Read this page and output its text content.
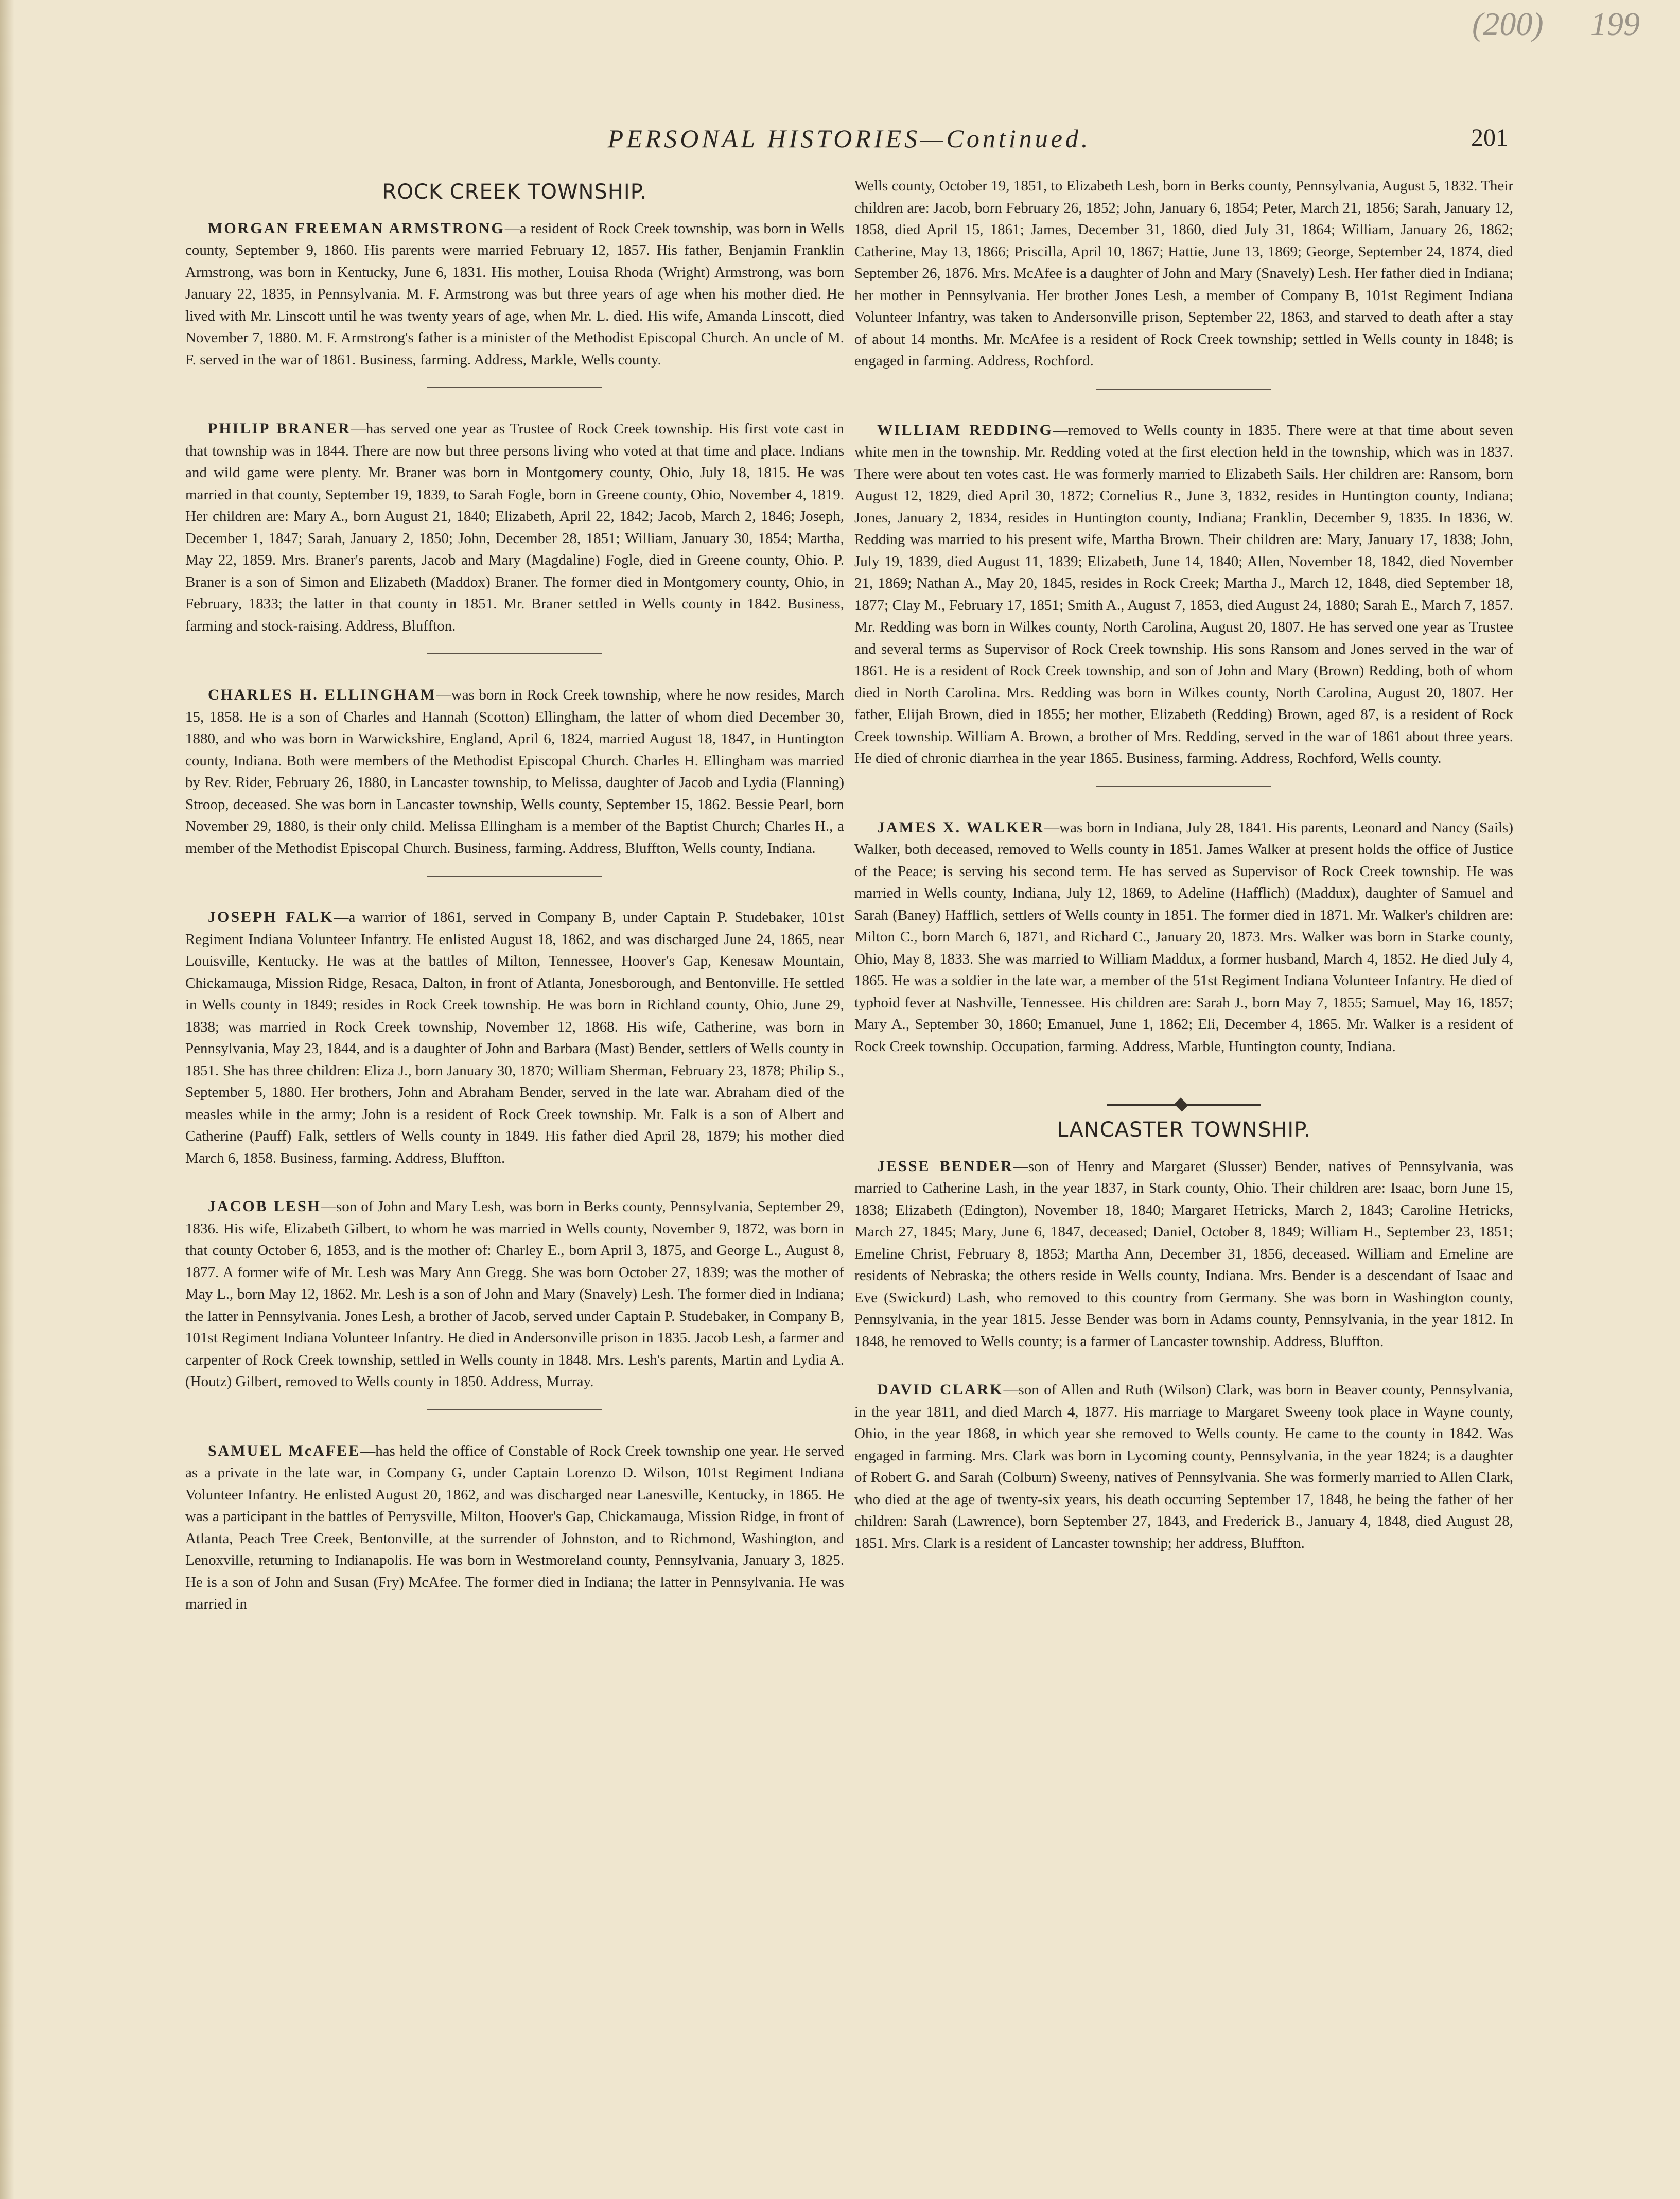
(200) 199
PERSONAL HISTORIES—Continued.	201
ROCK CREEK TOWNSHIP.

MORGAN FREEMAN ARMSTRONG—a resident of Rock Creek township, was born in Wells county, September 9, 1860. His parents were married February 12, 1857. His father, Benjamin Franklin Armstrong, was born in Kentucky, June 6, 1831. His mother, Louisa Rhoda (Wright) Armstrong, was born January 22, 1835, in Pennsylvania. M. F. Armstrong was but three years of age when his mother died. He lived with Mr. Linscott until he was twenty years of age, when Mr. L. died. His wife, Amanda Linscott, died November 7, 1880. M. F. Armstrong's father is a minister of the Methodist Episcopal Church. An uncle of M. F. served in the war of 1861. Business, farming. Address, Markle, Wells county.

PHILIP BRANER—has served one year as Trustee of Rock Creek township. His first vote cast in that township was in 1844. There are now but three persons living who voted at that time and place. Indians and wild game were plenty. Mr. Braner was born in Montgomery county, Ohio, July 18, 1815. He was married in that county, September 19, 1839, to Sarah Fogle, born in Greene county, Ohio, November 4, 1819. Her children are: Mary A., born August 21, 1840; Elizabeth, April 22, 1842; Jacob, March 2, 1846; Joseph, December 1, 1847; Sarah, January 2, 1850; John, December 28, 1851; William, January 30, 1854; Martha, May 22, 1859. Mrs. Braner's parents, Jacob and Mary (Magdaline) Fogle, died in Greene county, Ohio. P. Braner is a son of Simon and Elizabeth (Maddox) Braner. The former died in Montgomery county, Ohio, in February, 1833; the latter in that county in 1851. Mr. Braner settled in Wells county in 1842. Business, farming and stock-raising. Address, Bluffton.

CHARLES H. ELLINGHAM—was born in Rock Creek township, where he now resides, March 15, 1858. He is a son of Charles and Hannah (Scotton) Ellingham, the latter of whom died December 30, 1880, and who was born in Warwickshire, England, April 6, 1824, married August 18, 1847, in Huntington county, Indiana. Both were members of the Methodist Episcopal Church. Charles H. Ellingham was married by Rev. Rider, February 26, 1880, in Lancaster township, to Melissa, daughter of Jacob and Lydia (Flanning) Stroop, deceased. She was born in Lancaster township, Wells county, September 15, 1862. Bessie Pearl, born November 29, 1880, is their only child. Melissa Ellingham is a member of the Baptist Church; Charles H., a member of the Methodist Episcopal Church. Business, farming. Address, Bluffton, Wells county, Indiana.

JOSEPH FALK—a warrior of 1861, served in Company B, under Captain P. Studebaker, 101st Regiment Indiana Volunteer Infantry. He enlisted August 18, 1862, and was discharged June 24, 1865, near Louisville, Kentucky. He was at the battles of Milton, Tennessee, Hoover's Gap, Kenesaw Mountain, Chickamauga, Mission Ridge, Resaca, Dalton, in front of Atlanta, Jonesborough, and Bentonville. He settled in Wells county in 1849; resides in Rock Creek township. He was born in Richland county, Ohio, June 29, 1838; was married in Rock Creek township, November 12, 1868. His wife, Catherine, was born in Pennsylvania, May 23, 1844, and is a daughter of John and Barbara (Mast) Bender, settlers of Wells county in 1851. She has three children: Eliza J., born January 30, 1870; William Sherman, February 23, 1878; Philip S., September 5, 1880. Her brothers, John and Abraham Bender, served in the late war. Abraham died of the measles while in the army; John is a resident of Rock Creek township. Mr. Falk is a son of Albert and Catherine (Pauff) Falk, settlers of Wells county in 1849. His father died April 28, 1879; his mother died March 6, 1858. Business, farming. Address, Bluffton.

JACOB LESH—son of John and Mary Lesh, was born in Berks county, Pennsylvania, September 29, 1836. His wife, Elizabeth Gilbert, to whom he was married in Wells county, November 9, 1872, was born in that county October 6, 1853, and is the mother of: Charley E., born April 3, 1875, and George L., August 8, 1877. A former wife of Mr. Lesh was Mary Ann Gregg. She was born October 27, 1839; was the mother of May L., born May 12, 1862. Mr. Lesh is a son of John and Mary (Snavely) Lesh. The former died in Indiana; the latter in Pennsylvania. Jones Lesh, a brother of Jacob, served under Captain P. Studebaker, in Company B, 101st Regiment Indiana Volunteer Infantry. He died in Andersonville prison in 1835. Jacob Lesh, a farmer and carpenter of Rock Creek township, settled in Wells county in 1848. Mrs. Lesh's parents, Martin and Lydia A. (Houtz) Gilbert, removed to Wells county in 1850. Address, Murray.

SAMUEL McAFEE—has held the office of Constable of Rock Creek township one year. He served as a private in the late war, in Company G, under Captain Lorenzo D. Wilson, 101st Regiment Indiana Volunteer Infantry. He enlisted August 20, 1862, and was discharged near Lanesville, Kentucky, in 1865. He was a participant in the battles of Perrysville, Milton, Hoover's Gap, Chickamauga, Mission Ridge, in front of Atlanta, Peach Tree Creek, Bentonville, at the surrender of Johnston, and to Richmond, Washington, and Lenoxville, returning to Indianapolis. He was born in Westmoreland county, Pennsylvania, January 3, 1825. He is a son of John and Susan (Fry) McAfee. The former died in Indiana; the latter in Pennsylvania. He was married in

Wells county, October 19, 1851, to Elizabeth Lesh, born in Berks county, Pennsylvania, August 5, 1832. Their children are: Jacob, born February 26, 1852; John, January 6, 1854; Peter, March 21, 1856; Sarah, January 12, 1858, died April 15, 1861; James, December 31, 1860, died July 31, 1864; William, January 26, 1862; Catherine, May 13, 1866; Priscilla, April 10, 1867; Hattie, June 13, 1869; George, September 24, 1874, died September 26, 1876. Mrs. McAfee is a daughter of John and Mary (Snavely) Lesh. Her father died in Indiana; her mother in Pennsylvania. Her brother Jones Lesh, a member of Company B, 101st Regiment Indiana Volunteer Infantry, was taken to Andersonville prison, September 22, 1863, and starved to death after a stay of about 14 months. Mr. McAfee is a resident of Rock Creek township; settled in Wells county in 1848; is engaged in farming. Address, Rochford.

WILLIAM REDDING—removed to Wells county in 1835. There were at that time about seven white men in the township. Mr. Redding voted at the first election held in the township, which was in 1837. There were about ten votes cast. He was formerly married to Elizabeth Sails. Her children are: Ransom, born August 12, 1829, died April 30, 1872; Cornelius R., June 3, 1832, resides in Huntington county, Indiana; Jones, January 2, 1834, resides in Huntington county, Indiana; Franklin, December 9, 1835. In 1836, W. Redding was married to his present wife, Martha Brown. Their children are: Mary, January 17, 1838; John, July 19, 1839, died August 11, 1839; Elizabeth, June 14, 1840; Allen, November 18, 1842, died November 21, 1869; Nathan A., May 20, 1845, resides in Rock Creek; Martha J., March 12, 1848, died September 18, 1877; Clay M., February 17, 1851; Smith A., August 7, 1853, died August 24, 1880; Sarah E., March 7, 1857. Mr. Redding was born in Wilkes county, North Carolina, August 20, 1807. He has served one year as Trustee and several terms as Supervisor of Rock Creek township. His sons Ransom and Jones served in the war of 1861. He is a resident of Rock Creek township, and son of John and Mary (Brown) Redding, both of whom died in North Carolina. Mrs. Redding was born in Wilkes county, North Carolina, August 20, 1807. Her father, Elijah Brown, died in 1855; her mother, Elizabeth (Redding) Brown, aged 87, is a resident of Rock Creek township. William A. Brown, a brother of Mrs. Redding, served in the war of 1861 about three years. He died of chronic diarrhea in the year 1865. Business, farming. Address, Rochford, Wells county.

JAMES X. WALKER—was born in Indiana, July 28, 1841. His parents, Leonard and Nancy (Sails) Walker, both deceased, removed to Wells county in 1851. James Walker at present holds the office of Justice of the Peace; is serving his second term. He has served as Supervisor of Rock Creek township. He was married in Wells county, Indiana, July 12, 1869, to Adeline (Hafflich) (Maddux), daughter of Samuel and Sarah (Baney) Hafflich, settlers of Wells county in 1851. The former died in 1871. Mr. Walker's children are: Milton C., born March 6, 1871, and Richard C., January 20, 1873. Mrs. Walker was born in Starke county, Ohio, May 8, 1833. She was married to William Maddux, a former husband, March 4, 1852. He died July 4, 1865. He was a soldier in the late war, a member of the 51st Regiment Indiana Volunteer Infantry. He died of typhoid fever at Nashville, Tennessee. His children are: Sarah J., born May 7, 1855; Samuel, May 16, 1857; Mary A., September 30, 1860; Emanuel, June 1, 1862; Eli, December 4, 1865. Mr. Walker is a resident of Rock Creek township. Occupation, farming. Address, Marble, Huntington county, Indiana.

LANCASTER TOWNSHIP.

JESSE BENDER—son of Henry and Margaret (Slusser) Bender, natives of Pennsylvania, was married to Catherine Lash, in the year 1837, in Stark county, Ohio. Their children are: Isaac, born June 15, 1838; Elizabeth (Edington), November 18, 1840; Margaret Hetricks, March 2, 1843; Caroline Hetricks, March 27, 1845; Mary, June 6, 1847, deceased; Daniel, October 8, 1849; William H., September 23, 1851; Emeline Christ, February 8, 1853; Martha Ann, December 31, 1856, deceased. William and Emeline are residents of Nebraska; the others reside in Wells county, Indiana. Mrs. Bender is a descendant of Isaac and Eve (Swickurd) Lash, who removed to this country from Germany. She was born in Washington county, Pennsylvania, in the year 1815. Jesse Bender was born in Adams county, Pennsylvania, in the year 1812. In 1848, he removed to Wells county; is a farmer of Lancaster township. Address, Bluffton.

DAVID CLARK—son of Allen and Ruth (Wilson) Clark, was born in Beaver county, Pennsylvania, in the year 1811, and died March 4, 1877. His marriage to Margaret Sweeny took place in Wayne county, Ohio, in the year 1868, in which year she removed to Wells county. He came to the county in 1842. Was engaged in farming. Mrs. Clark was born in Lycoming county, Pennsylvania, in the year 1824; is a daughter of Robert G. and Sarah (Colburn) Sweeny, natives of Pennsylvania. She was formerly married to Allen Clark, who died at the age of twenty-six years, his death occurring September 17, 1848, he being the father of her children: Sarah (Lawrence), born September 27, 1843, and Frederick B., January 4, 1848, died August 28, 1851. Mrs. Clark is a resident of Lancaster township; her address, Bluffton.
